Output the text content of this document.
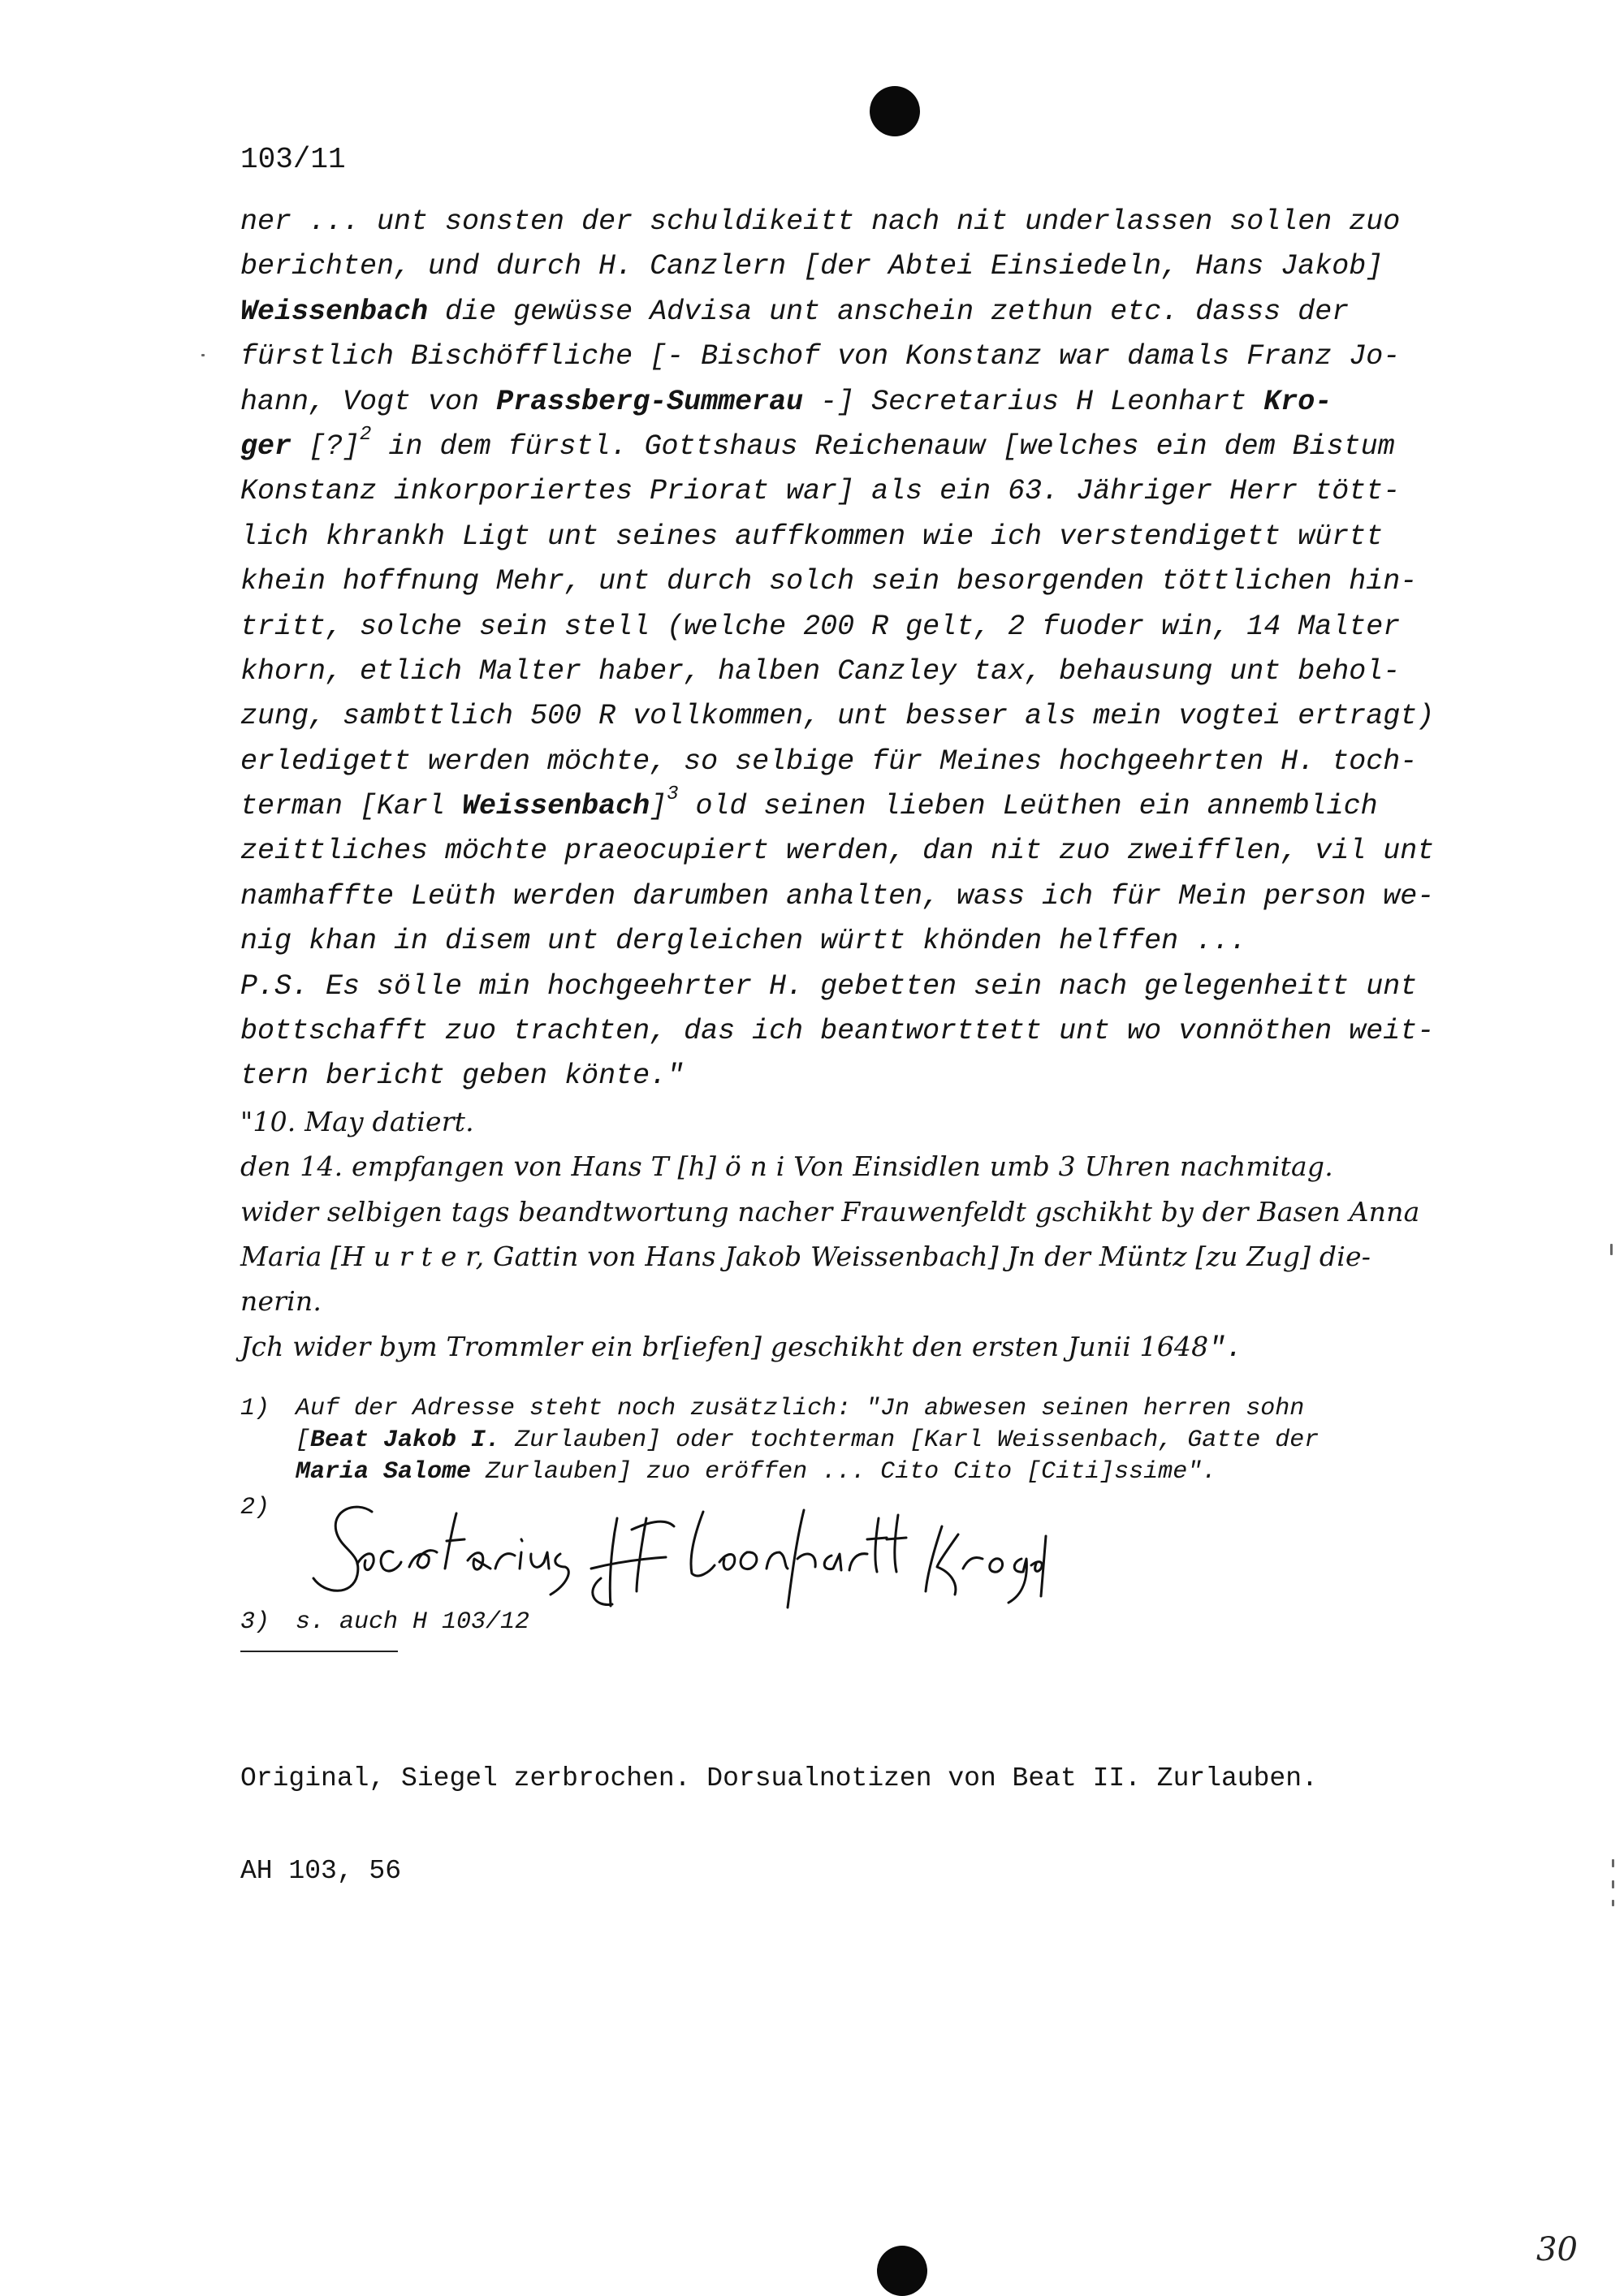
103/11
ner ... unt sonsten der schuldikeitt nach nit underlassen sollen zuo
berichten, und durch H. Canzlern [der Abtei Einsiedeln, Hans Jakob]
Weissenbach die gewüsse Advisa unt anschein zethun etc. dasss der
fürstlich Bischöffliche [- Bischof von Konstanz war damals Franz Jo-
hann, Vogt von Prassberg-Summerau -] Secretarius H Leonhart Kro-
ger [?]$^2$ in dem fürstl. Gottshaus Reichenauw [welches ein dem Bistum
Konstanz inkorporiertes Priorat war] als ein 63. Jähriger Herr tött-
lich khrankh Ligt unt seines auffkommen wie ich verstendigett württ
khein hoffnung Mehr, unt durch solch sein besorgenden töttlichen hin-
tritt, solche sein stell (welche 200 R gelt, 2 fuoder win, 14 Malter
khorn, etlich Malter haber, halben Canzley tax, behausung unt behol-
zung, sambttlich 500 R vollkommen, unt besser als mein vogtei ertragt)
erledigett werden möchte, so selbige für Meines hochgeehrten H. toch-
terman [Karl Weissenbach]$^3$ old seinen lieben Leüthen ein annemblich
zeittliches möchte praeocupiert werden, dan nit zuo zweifflen, vil unt
namhaffte Leüth werden darumben anhalten, wass ich für Mein person we-
nig khan in disem unt dergleichen württ khönden helffen ...
P.S. Es sölle min hochgeehrter H. gebetten sein nach gelegenheitt unt
bottschafft zuo trachten, das ich beantworttett unt wo vonnöthen weit-
tern bericht geben könte."
"10. May datiert.
den 14. empfangen von Hans T [h] ö n i Von Einsidlen umb 3 Uhren nachmitag.
wider selbigen tags beandtwortung nacher Frauwenfeldt gschikht by der Basen Anna
Maria [H u r t e r, Gattin von Hans Jakob Weissenbach] Jn der Müntz [zu Zug] die-
nerin.
Jch wider bym Trommler ein br[iefen] geschikht den ersten Junii 1648".
1) Auf der Adresse steht noch zusätzlich: "Jn abwesen seinen herren sohn
[Beat Jakob I. Zurlauben] oder tochterman [Karl Weissenbach, Gatte der
Maria Salome Zurlauben] zuo eröffen ... Cito Cito [Citi]ssime".
2)
3) s. auch H 103/12

Original, Siegel zerbrochen. Dorsualnotizen von Beat II. Zurlauben.

AH 103, 56

30
